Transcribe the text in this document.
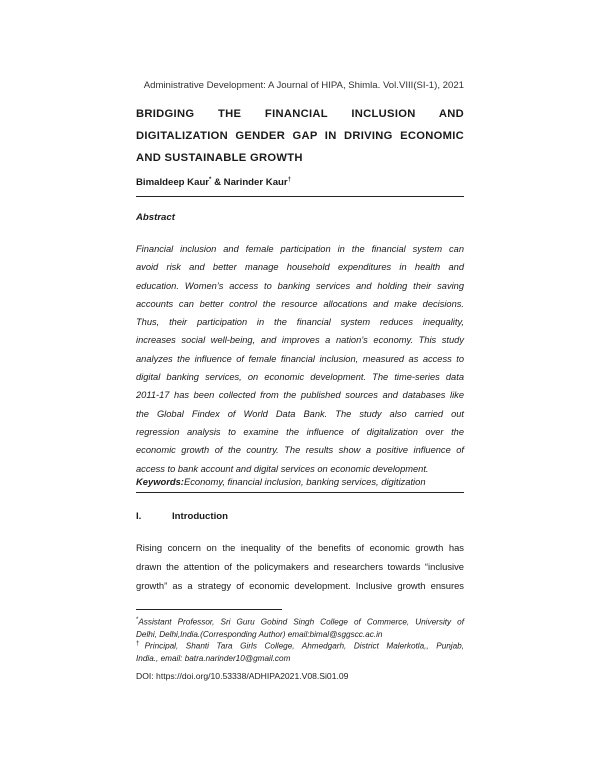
Administrative Development: A Journal of HIPA, Shimla. Vol.VIII(SI-1), 2021
BRIDGING THE FINANCIAL INCLUSION AND
DIGITALIZATION GENDER GAP IN DRIVING ECONOMIC
AND SUSTAINABLE GROWTH
Bimaldeep Kaur* & Narinder Kaur†
Abstract
Financial inclusion and female participation in the financial system can
avoid risk and better manage household expenditures in health and
education. Women’s access to banking services and holding their saving
accounts can better control the resource allocations and make decisions.
Thus, their participation in the financial system reduces inequality,
increases social well-being, and improves a nation’s economy. This study
analyzes the influence of female financial inclusion, measured as access to
digital banking services, on economic development. The time-series data
2011-17 has been collected from the published sources and databases like
the Global Findex of World Data Bank. The study also carried out
regression analysis to examine the influence of digitalization over the
economic growth of the country. The results show a positive influence of
access to bank account and digital services on economic development.
Keywords:Economy, financial inclusion, banking services, digitization
I.	Introduction
Rising concern on the inequality of the benefits of economic growth has
drawn the attention of the policymakers and researchers towards “inclusive
growth” as a strategy of economic development. Inclusive growth ensures
*Assistant Professor, Sri Guru Gobind Singh College of Commerce, University of
Delhi, Delhi,India.(Corresponding Author) email:bimal@sggscc.ac.in
†Principal, Shanti Tara Girls College, Ahmedgarh, District Malerkotla,, Punjab,
India., email: batra.narinder10@gmail.com
DOI: https://doi.org/10.53338/ADHIPA2021.V08.Si01.09
